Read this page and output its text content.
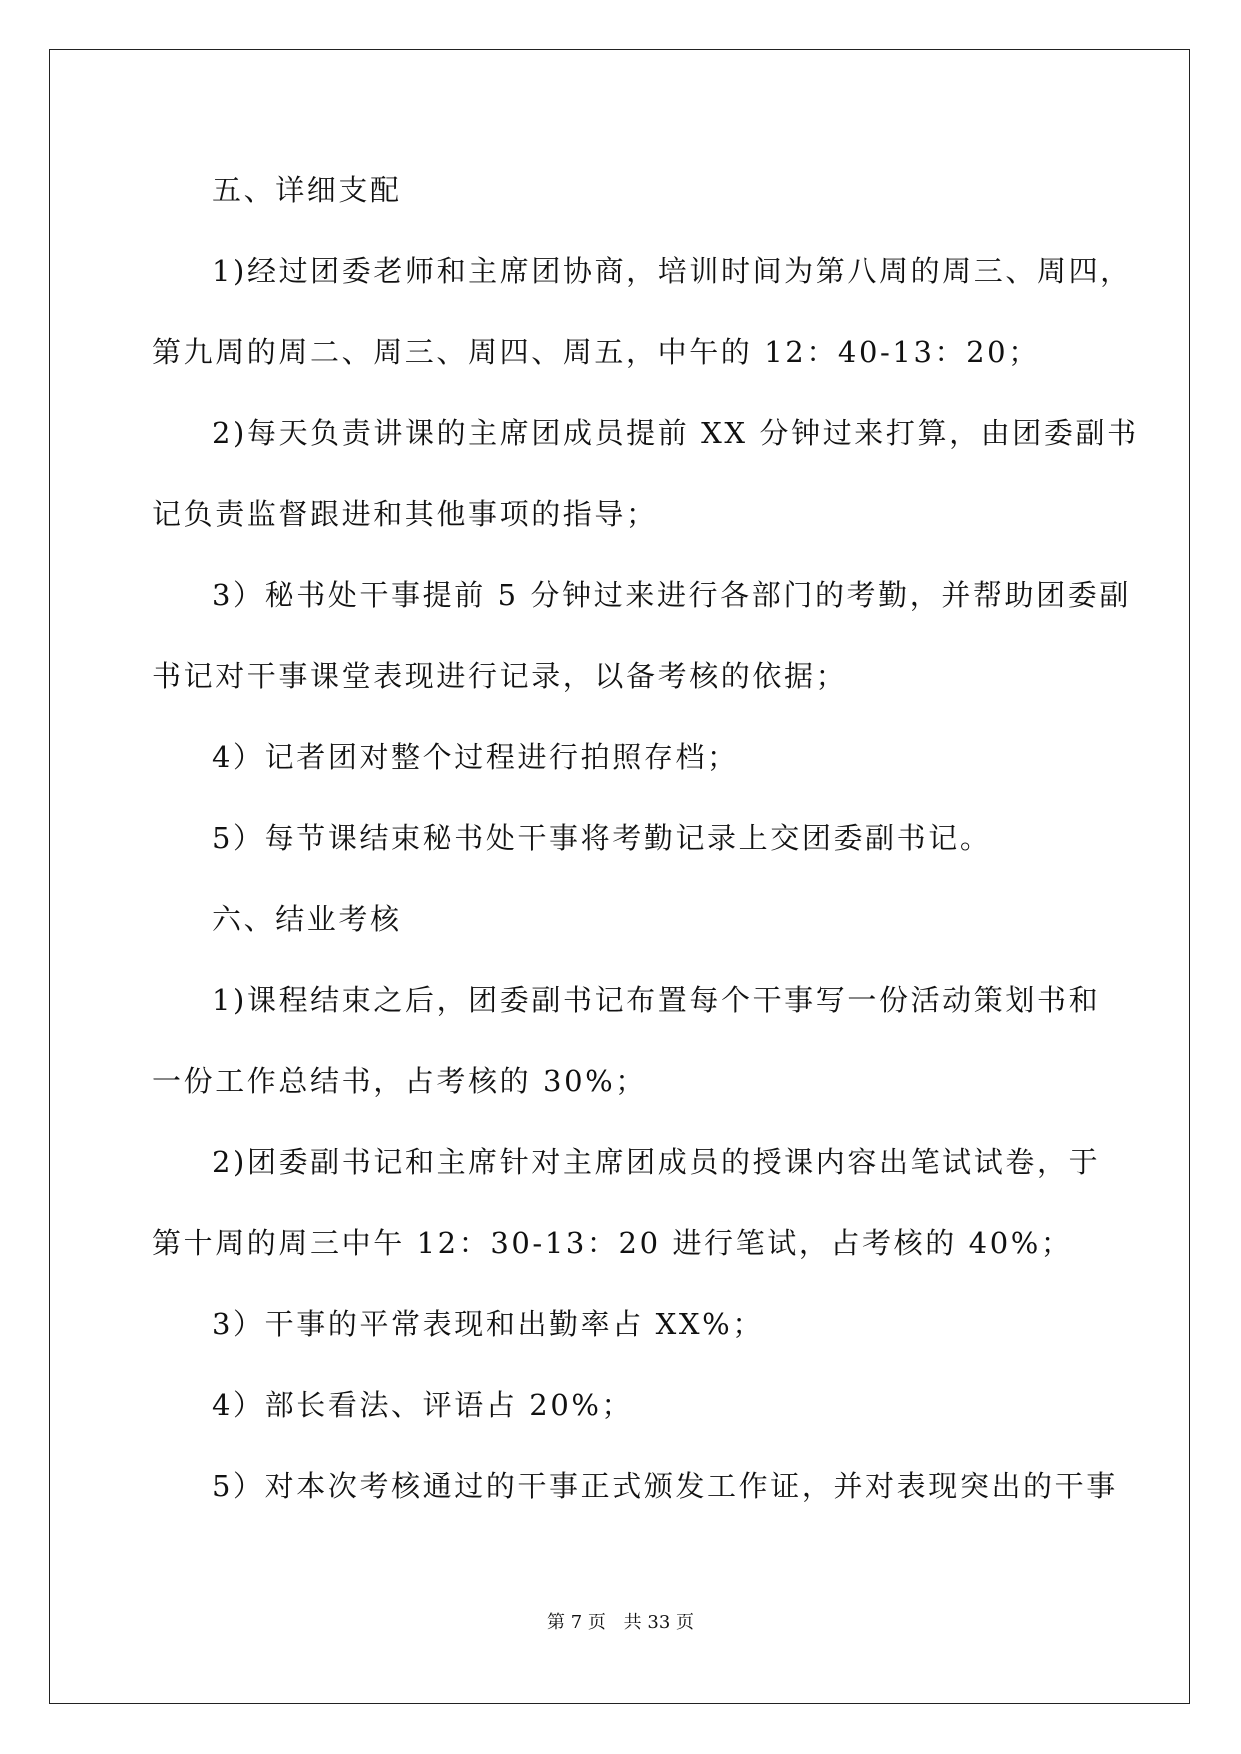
五、详细支配
1)经过团委老师和主席团协商，培训时间为第八周的周三、周四，
第九周的周二、周三、周四、周五，中午的 12：40-13：20；
2)每天负责讲课的主席团成员提前 XX 分钟过来打算，由团委副书
记负责监督跟进和其他事项的指导；
3）秘书处干事提前 5 分钟过来进行各部门的考勤，并帮助团委副
书记对干事课堂表现进行记录，以备考核的依据；
4）记者团对整个过程进行拍照存档；
5）每节课结束秘书处干事将考勤记录上交团委副书记。
六、结业考核
1)课程结束之后，团委副书记布置每个干事写一份活动策划书和
一份工作总结书，占考核的 30%；
2)团委副书记和主席针对主席团成员的授课内容出笔试试卷，于
第十周的周三中午 12：30-13：20 进行笔试，占考核的 40%；
3）干事的平常表现和出勤率占 XX%；
4）部长看法、评语占 20%；
5）对本次考核通过的干事正式颁发工作证，并对表现突出的干事
第 7 页 共 33 页
